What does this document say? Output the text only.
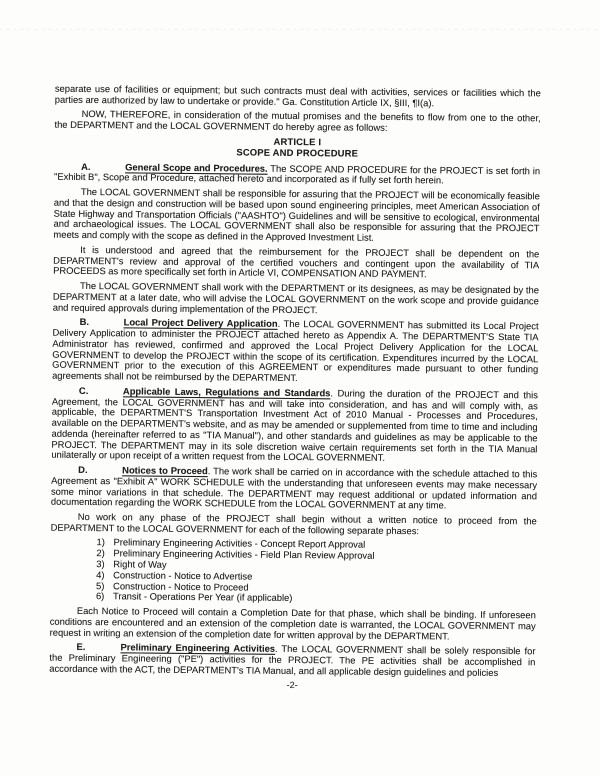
separate use of facilities or equipment; but such contracts must deal with activities, services or facilities which the parties are authorized by law to undertake or provide." Ga. Constitution Article IX, §III, ¶I(a).

NOW, THEREFORE, in consideration of the mutual promises and the benefits to flow from one to the other, the DEPARTMENT and the LOCAL GOVERNMENT do hereby agree as follows:

ARTICLE I
SCOPE AND PROCEDURE

A.	General Scope and Procedures. The SCOPE AND PROCEDURE for the PROJECT is set forth in "Exhibit B", Scope and Procedure, attached hereto and incorporated as if fully set forth herein.

The LOCAL GOVERNMENT shall be responsible for assuring that the PROJECT will be economically feasible and that the design and construction will be based upon sound engineering principles, meet American Association of State Highway and Transportation Officials ("AASHTO") Guidelines and will be sensitive to ecological, environmental and archaeological issues. The LOCAL GOVERNMENT shall also be responsible for assuring that the PROJECT meets and comply with the scope as defined in the Approved Investment List.

It is understood and agreed that the reimbursement for the PROJECT shall be dependent on the DEPARTMENT's review and approval of the certified vouchers and contingent upon the availability of TIA PROCEEDS as more specifically set forth in Article VI, COMPENSATION AND PAYMENT.

The LOCAL GOVERNMENT shall work with the DEPARTMENT or its designees, as may be designated by the DEPARTMENT at a later date, who will advise the LOCAL GOVERNMENT on the work scope and provide guidance and required approvals during implementation of the PROJECT.

B.	Local Project Delivery Application. The LOCAL GOVERNMENT has submitted its Local Project Delivery Application to administer the PROJECT attached hereto as Appendix A. The DEPARTMENT'S State TIA Administrator has reviewed, confirmed and approved the Local Project Delivery Application for the LOCAL GOVERNMENT to develop the PROJECT within the scope of its certification. Expenditures incurred by the LOCAL GOVERNMENT prior to the execution of this AGREEMENT or expenditures made pursuant to other funding agreements shall not be reimbursed by the DEPARTMENT.

C.	Applicable Laws, Regulations and Standards. During the duration of the PROJECT and this Agreement, the LOCAL GOVERNMENT has and will take into consideration, and has and will comply with, as applicable, the DEPARTMENT'S Transportation Investment Act of 2010 Manual - Processes and Procedures, available on the DEPARTMENT's website, and as may be amended or supplemented from time to time and including addenda (hereinafter referred to as "TIA Manual"), and other standards and guidelines as may be applicable to the PROJECT. The DEPARTMENT may in its sole discretion waive certain requirements set forth in the TIA Manual unilaterally or upon receipt of a written request from the LOCAL GOVERNMENT.

D.	Notices to Proceed. The work shall be carried on in accordance with the schedule attached to this Agreement as "Exhibit A" WORK SCHEDULE with the understanding that unforeseen events may make necessary some minor variations in that schedule. The DEPARTMENT may request additional or updated information and documentation regarding the WORK SCHEDULE from the LOCAL GOVERNMENT at any time.

No work on any phase of the PROJECT shall begin without a written notice to proceed from the DEPARTMENT to the LOCAL GOVERNMENT for each of the following separate phases:

1) Preliminary Engineering Activities - Concept Report Approval
2) Preliminary Engineering Activities - Field Plan Review Approval
3) Right of Way
4) Construction - Notice to Advertise
5) Construction - Notice to Proceed
6) Transit - Operations Per Year (if applicable)

Each Notice to Proceed will contain a Completion Date for that phase, which shall be binding. If unforeseen conditions are encountered and an extension of the completion date is warranted, the LOCAL GOVERNMENT may request in writing an extension of the completion date for written approval by the DEPARTMENT.

E.	Preliminary Engineering Activities. The LOCAL GOVERNMENT shall be solely responsible for the Preliminary Engineering ("PE") activities for the PROJECT. The PE activities shall be accomplished in accordance with the ACT, the DEPARTMENT's TIA Manual, and all applicable design guidelines and policies

-2-
